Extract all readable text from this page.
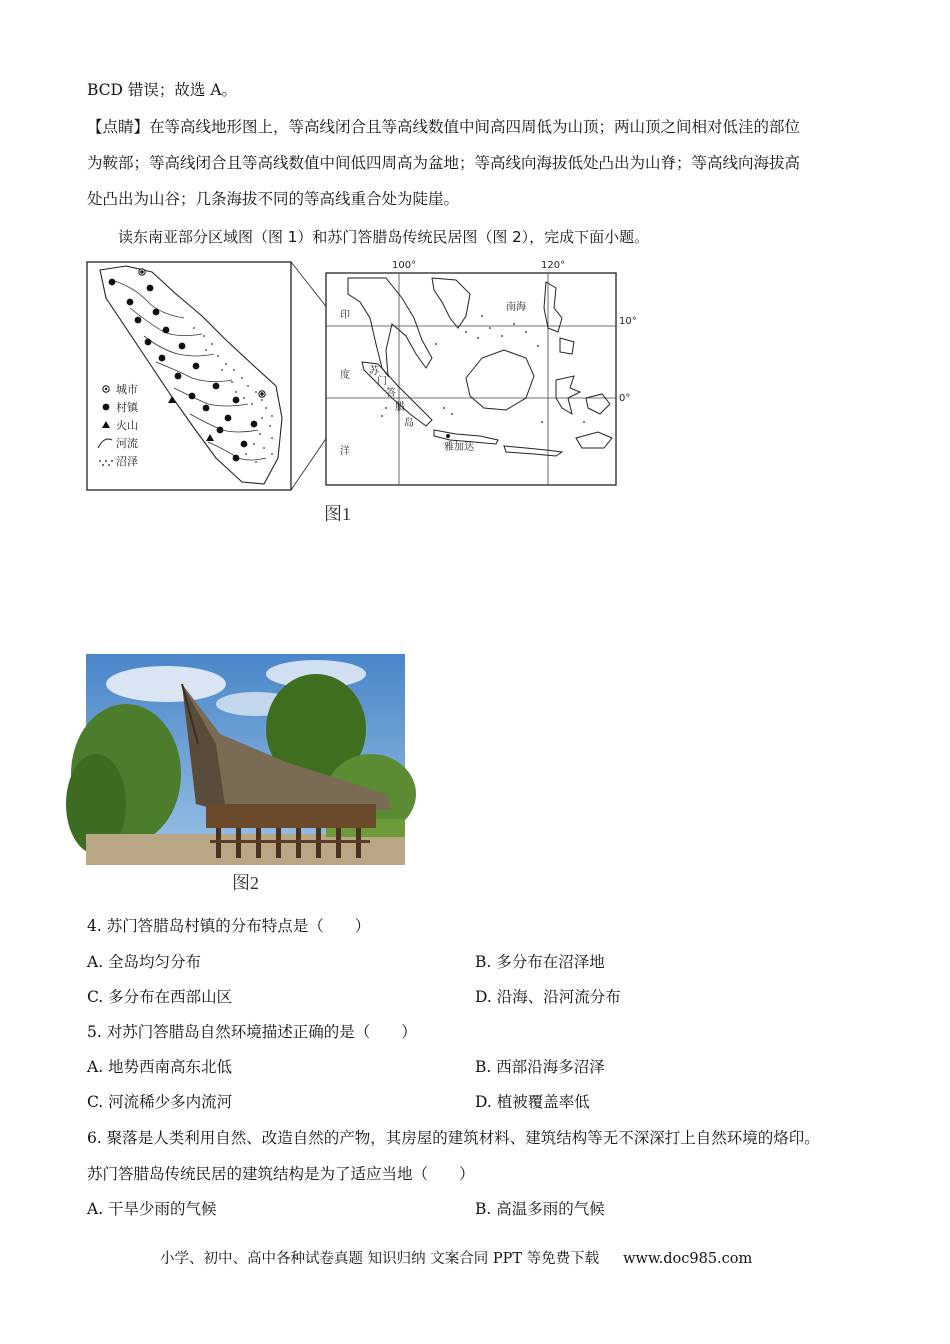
BCD 错误；故选 A。
【点睛】在等高线地形图上，等高线闭合且等高线数值中间高四周低为山顶；两山顶之间相对低洼的部位
为鞍部；等高线闭合且等高线数值中间低四周高为盆地；等高线向海拔低处凸出为山脊；等高线向海拔高
处凸出为山谷；几条海拔不同的等高线重合处为陡崖。
读东南亚部分区域图（图 1）和苏门答腊岛传统民居图（图 2），完成下面小题。
城市
村镇
火山
河流
沼泽
100°	120°
10°
0°
南海
印
度
洋
苏
门
答
腊
岛
雅加达
图1
图2
4. 苏门答腊岛村镇的分布特点是（　　）
A. 全岛均匀分布	B. 多分布在沼泽地
C. 多分布在西部山区	D. 沿海、沿河流分布
5. 对苏门答腊岛自然环境描述正确的是（　　）
A. 地势西南高东北低	B. 西部沿海多沼泽
C. 河流稀少多内流河	D. 植被覆盖率低
6. 聚落是人类利用自然、改造自然的产物，其房屋的建筑材料、建筑结构等无不深深打上自然环境的烙印。
苏门答腊岛传统民居的建筑结构是为了适应当地（　　）
A. 干旱少雨的气候	B. 高温多雨的气候
小学、初中、高中各种试卷真题 知识归纳 文案合同 PPT 等免费下载 www.doc985.com
